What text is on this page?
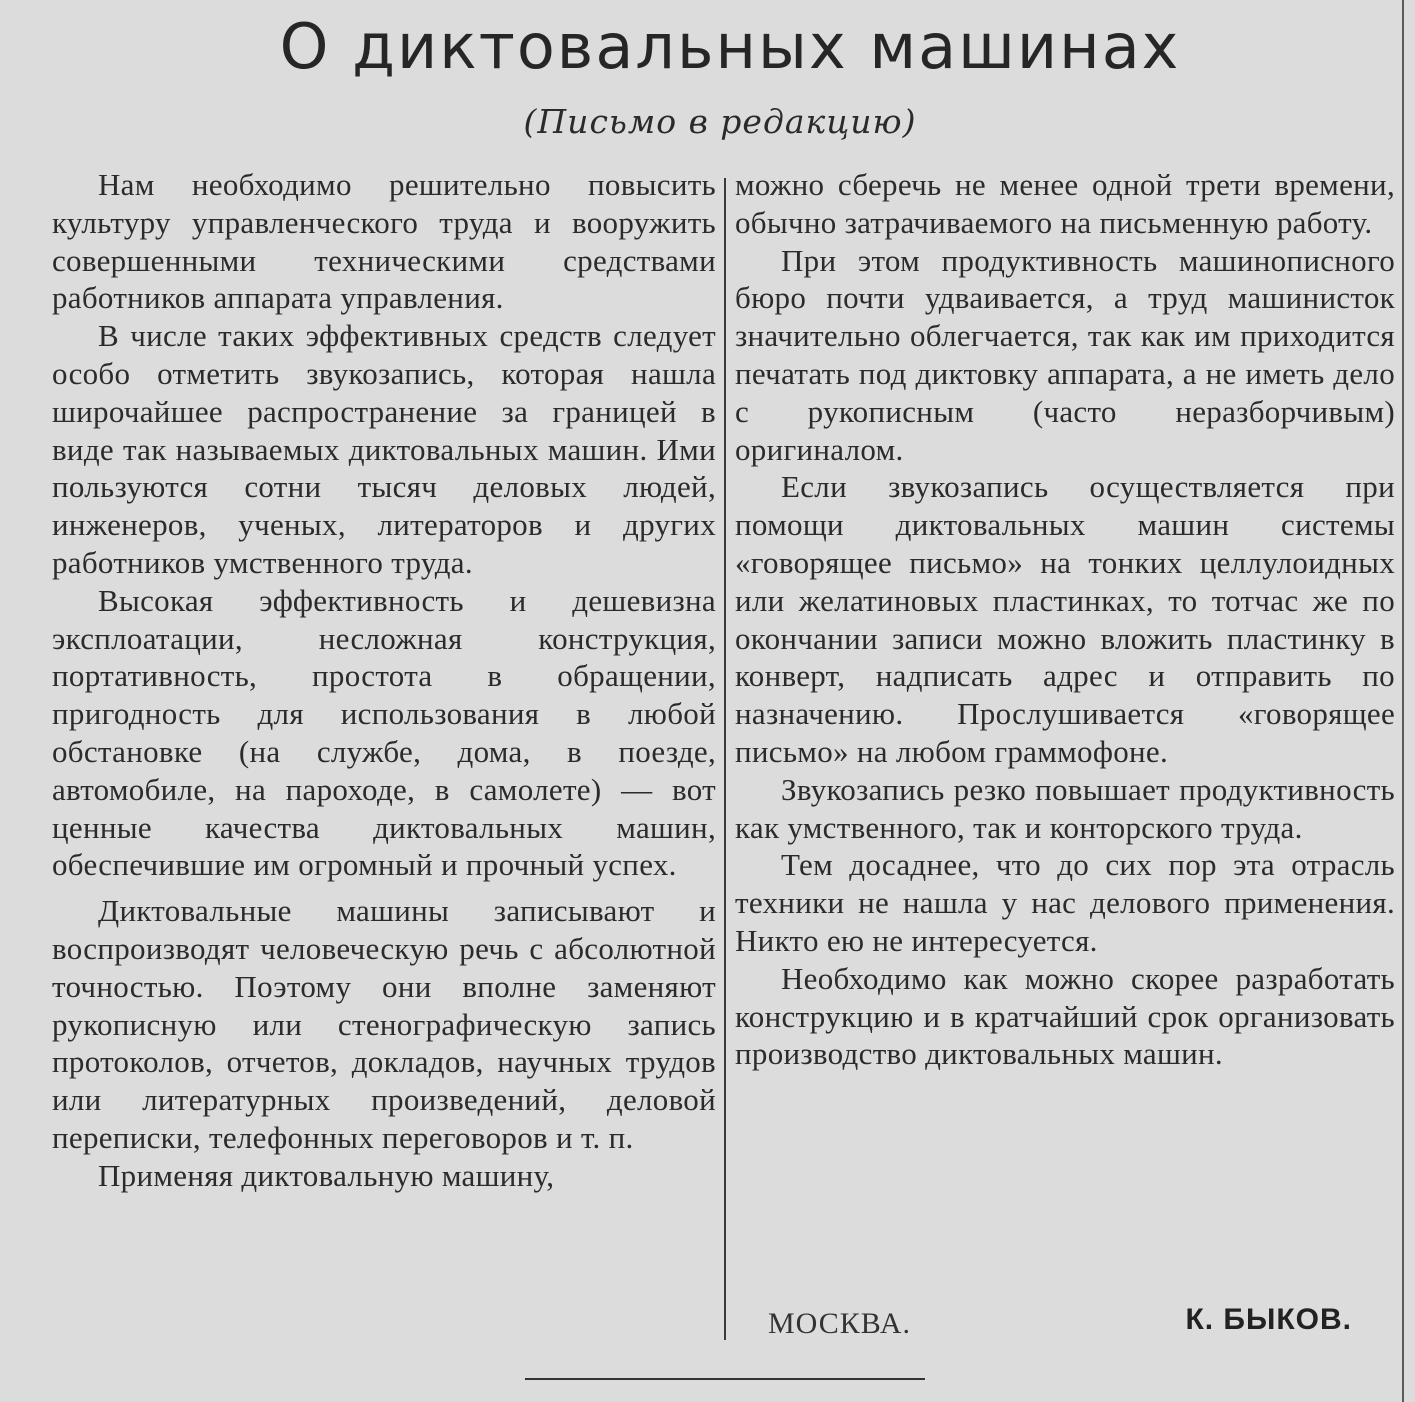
О диктовальных машинах
(Письмо в редакцию)

Нам необходимо решительно повысить культуру управленческого труда и вооружить совершенными техническими средствами работников аппарата управления.

В числе таких эффективных средств следует особо отметить звукозапись, которая нашла широчайшее распространение за границей в виде так называемых диктовальных машин. Ими пользуются сотни тысяч деловых людей, инженеров, ученых, литераторов и других работников умственного труда.

Высокая эффективность и дешевизна эксплоатации, несложная конструкция, портативность, простота в обращении, пригодность для использования в любой обстановке (на службе, дома, в поезде, автомобиле, на пароходе, в самолете) — вот ценные качества диктовальных машин, обеспечившие им огромный и прочный успех.

Диктовальные машины записывают и воспроизводят человеческую речь с абсолютной точностью. Поэтому они вполне заменяют рукописную или стенографическую запись протоколов, отчетов, докладов, научных трудов или литературных произведений, деловой переписки, телефонных переговоров и т. п.

Применяя диктовальную машину,

можно сберечь не менее одной трети времени, обычно затрачиваемого на письменную работу.

При этом продуктивность машинописного бюро почти удваивается, а труд машинисток значительно облегчается, так как им приходится печатать под диктовку аппарата, а не иметь дело с рукописным (часто неразборчивым) оригиналом.

Если звукозапись осуществляется при помощи диктовальных машин системы «говорящее письмо» на тонких целлулоидных или желатиновых пластинках, то тотчас же по окончании записи можно вложить пластинку в конверт, надписать адрес и отправить по назначению. Прослушивается «говорящее письмо» на любом граммофоне.

Звукозапись резко повышает продуктивность как умственного, так и конторского труда.

Тем досаднее, что до сих пор эта отрасль техники не нашла у нас делового применения. Никто ею не интересуется.

Необходимо как можно скорее разработать конструкцию и в кратчайший срок организовать производство диктовальных машин.

МОСКВА.	К. БЫКОВ.
